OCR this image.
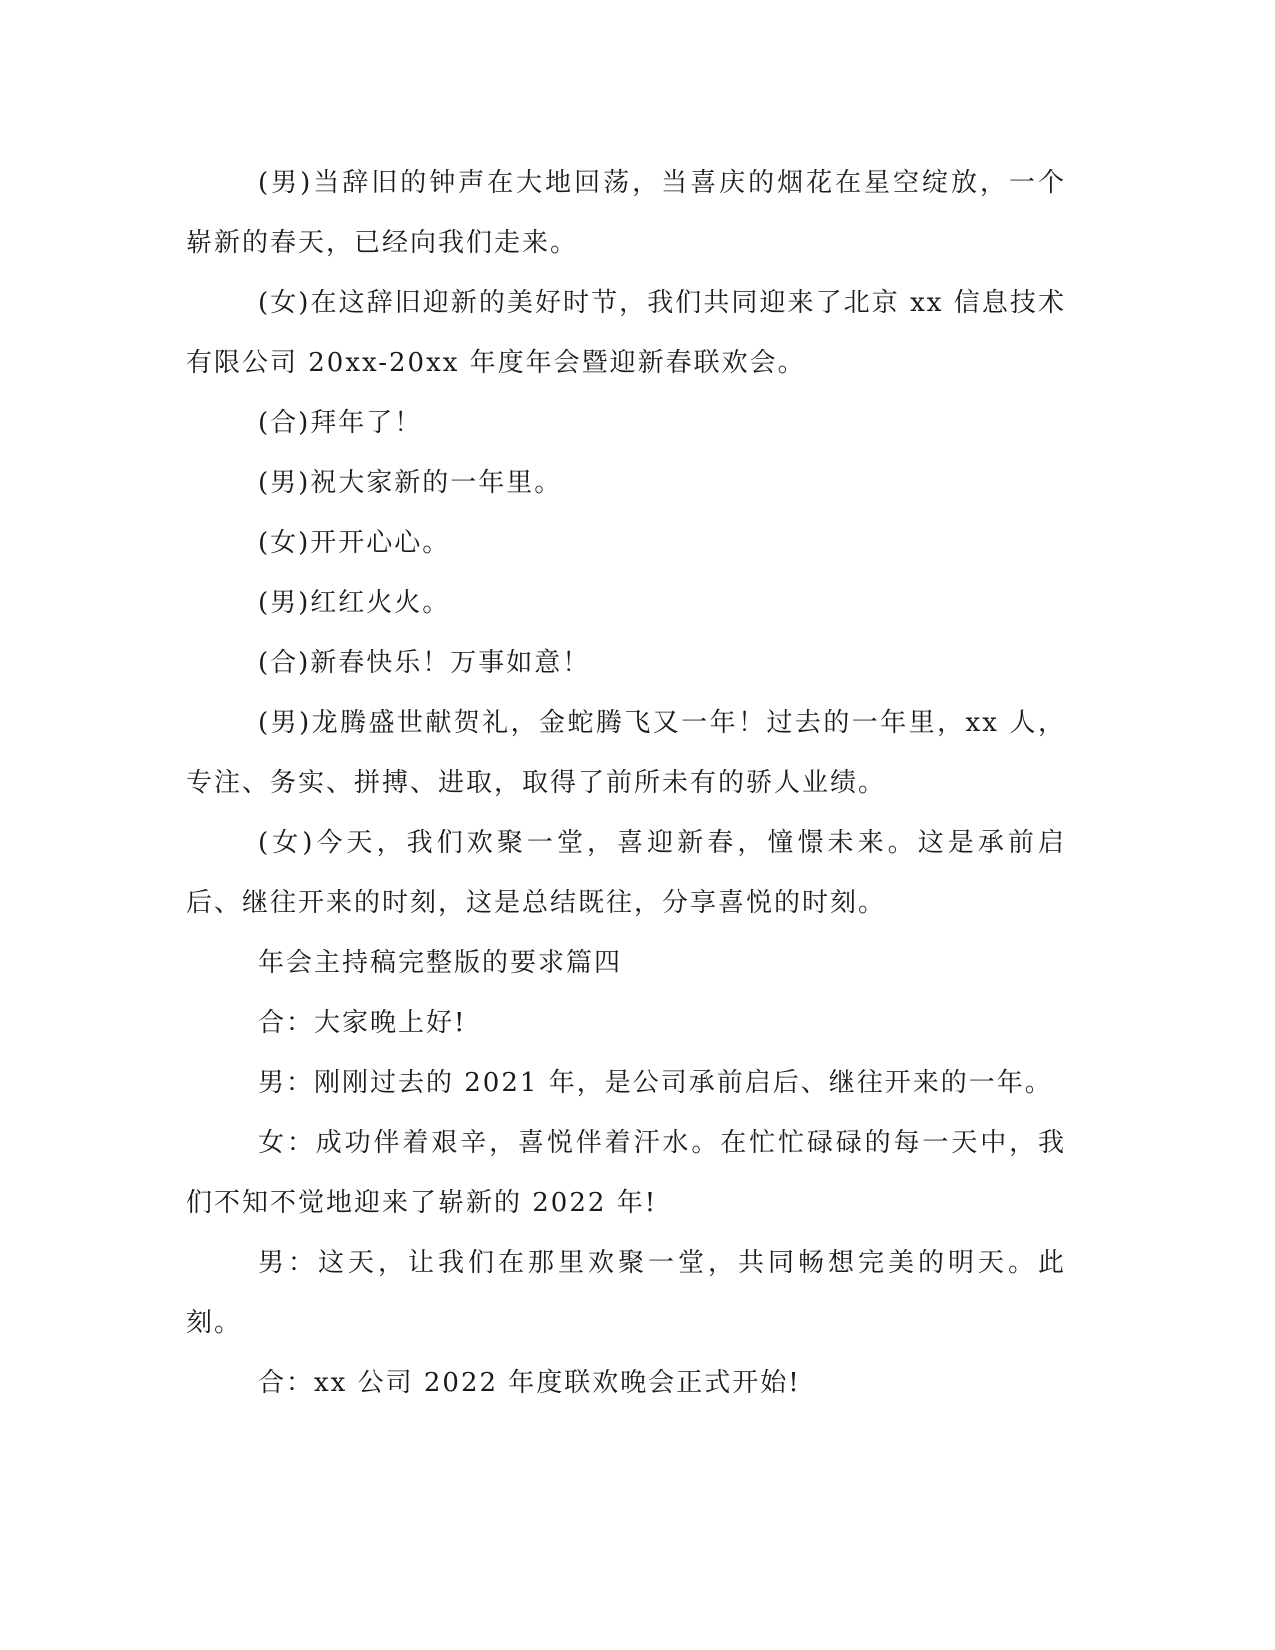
(男)当辞旧的钟声在大地回荡，当喜庆的烟花在星空绽放，一个崭新的春天，已经向我们走来。

(女)在这辞旧迎新的美好时节，我们共同迎来了北京 xx 信息技术有限公司 20xx-20xx 年度年会暨迎新春联欢会。

(合)拜年了！

(男)祝大家新的一年里。

(女)开开心心。

(男)红红火火。

(合)新春快乐！万事如意！

(男)龙腾盛世献贺礼，金蛇腾飞又一年！过去的一年里，xx 人，专注、务实、拼搏、进取，取得了前所未有的骄人业绩。

(女)今天，我们欢聚一堂，喜迎新春，憧憬未来。这是承前启后、继往开来的时刻，这是总结既往，分享喜悦的时刻。

年会主持稿完整版的要求篇四

合：大家晚上好!

男：刚刚过去的 2021 年，是公司承前启后、继往开来的一年。

女：成功伴着艰辛，喜悦伴着汗水。在忙忙碌碌的每一天中，我们不知不觉地迎来了崭新的 2022 年!

男：这天，让我们在那里欢聚一堂，共同畅想完美的明天。此刻。

合：xx 公司 2022 年度联欢晚会正式开始!
